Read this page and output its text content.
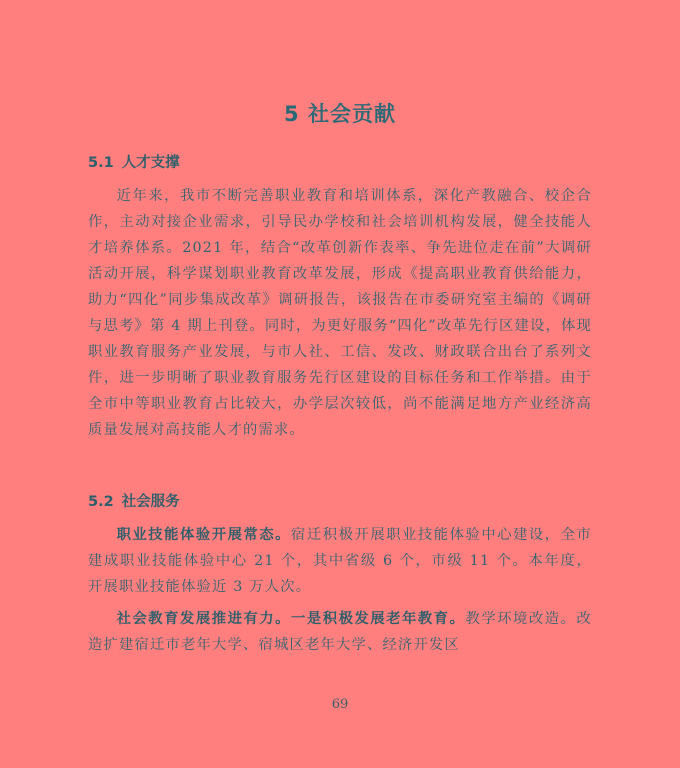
5 社会贡献
5.1 人才支撑

近年来，我市不断完善职业教育和培训体系，深化产教融合、校企合作，主动对接企业需求，引导民办学校和社会培训机构发展，健全技能人才培养体系。2021 年，结合“改革创新作表率、争先进位走在前”大调研活动开展，科学谋划职业教育改革发展，形成《提高职业教育供给能力，助力“四化”同步集成改革》调研报告，该报告在市委研究室主编的《调研与思考》第 4 期上刊登。同时，为更好服务“四化”改革先行区建设，体现职业教育服务产业发展，与市人社、工信、发改、财政联合出台了系列文件，进一步明晰了职业教育服务先行区建设的目标任务和工作举措。由于全市中等职业教育占比较大，办学层次较低，尚不能满足地方产业经济高质量发展对高技能人才的需求。

5.2 社会服务

职业技能体验开展常态。宿迁积极开展职业技能体验中心建设，全市建成职业技能体验中心 21 个，其中省级 6 个，市级 11 个。本年度，开展职业技能体验近 3 万人次。

社会教育发展推进有力。一是积极发展老年教育。教学环境改造。改造扩建宿迁市老年大学、宿城区老年大学、经济开发区

69
